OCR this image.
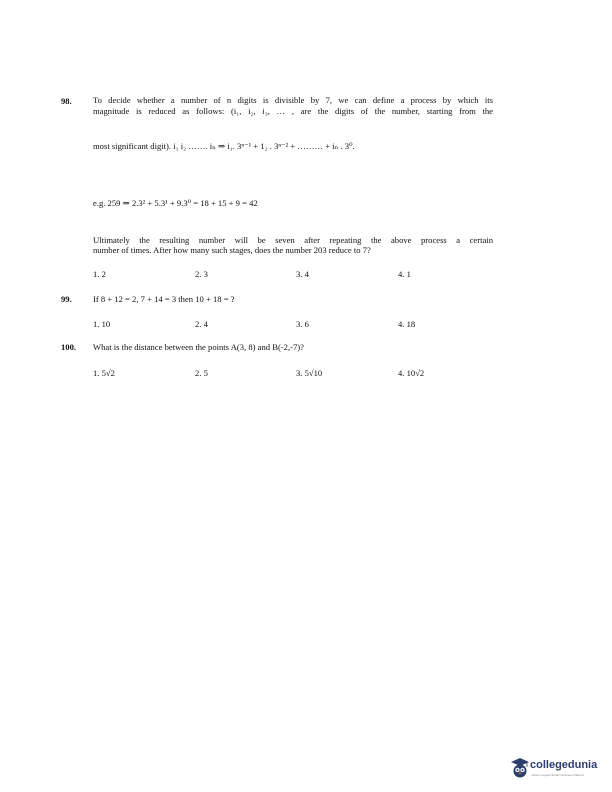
98. To decide whether a number of n digits is divisible by 7, we can define a process by which its
magnitude is reduced as follows: (i₁, i₂, i₃, … , are the digits of the number, starting from the
most significant digit). i₁ i₂ ……. iₙ ⇒ i₁. 3ⁿ⁻¹ + 1₂ . 3ⁿ⁻² + ……… + iₙ . 3⁰.
e.g. 259 ⇒ 2.3² + 5.3¹ + 9.3⁰ = 18 + 15 + 9 = 42
Ultimately the resulting number will be seven after repeating the above process a certain
number of times. After how many such stages, does the number 203 reduce to 7?
1. 2	2. 3	3. 4	4. 1
99. If 8 + 12 = 2, 7 + 14 = 3 then 10 + 18 = ?
1. 10	2. 4	3. 6	4. 18
100. What is the distance between the points A(3, 8) and B(-2,-7)?
1. 5√2	2. 5	3. 5√10	4. 10√2
collegedunia
India's Largest Student Review Platform
